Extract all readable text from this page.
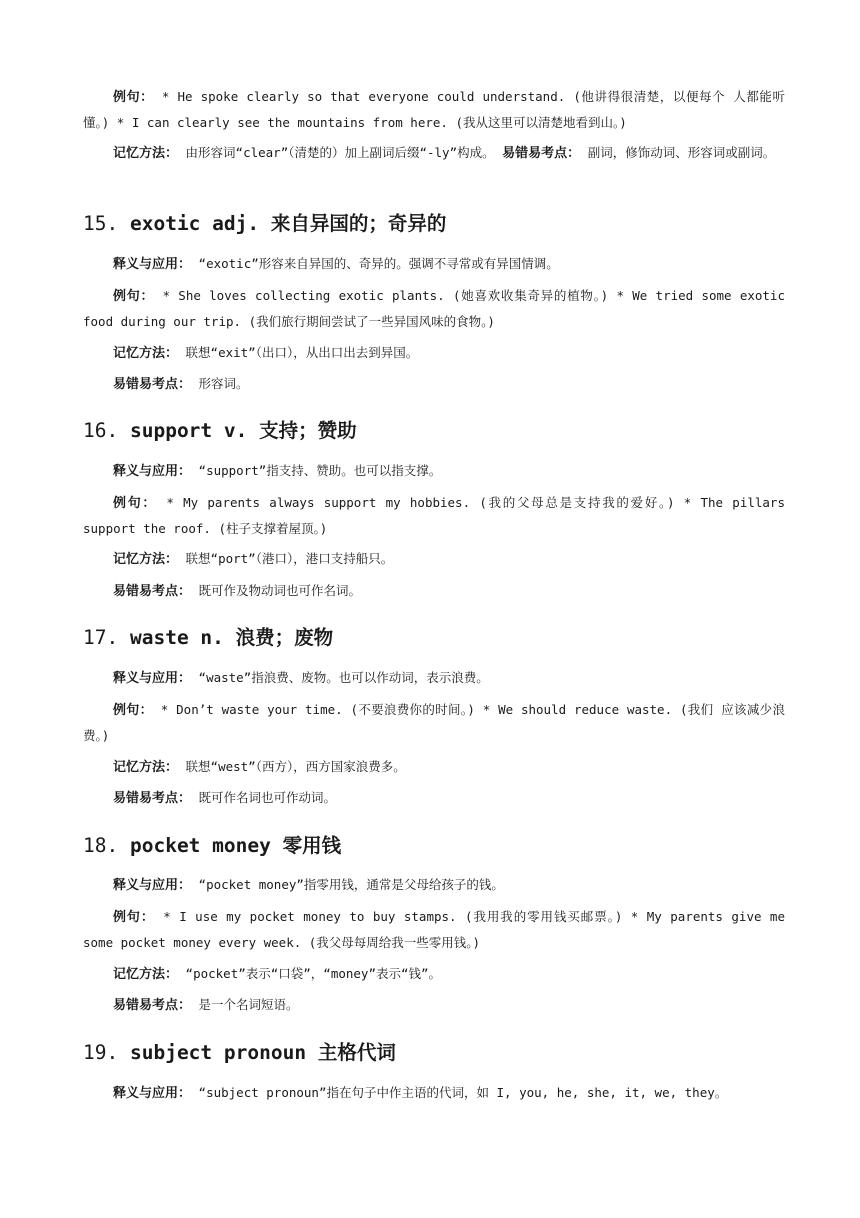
例句： * He spoke clearly so that everyone could understand. (他讲得很清楚，以便每个 人都能听懂。) * I can clearly see the mountains from here. (我从这里可以清楚地看到山。)

记忆方法： 由形容词“clear”（清楚的）加上副词后缀“-ly”构成。 易错易考点： 副词，修饰动词、形容词或副词。

15. exotic adj. 来自异国的；奇异的

释义与应用： “exotic”形容来自异国的、奇异的。强调不寻常或有异国情调。

例句： * She loves collecting exotic plants. (她喜欢收集奇异的植物。) * We tried some exotic food during our trip. (我们旅行期间尝试了一些异国风味的食物。)

记忆方法： 联想“exit”（出口），从出口出去到异国。

易错易考点： 形容词。

16. support v. 支持；赞助

释义与应用： “support”指支持、赞助。也可以指支撑。

例句： * My parents always support my hobbies. (我的父母总是支持我的爱好。) * The pillars support the roof. (柱子支撑着屋顶。)

记忆方法： 联想“port”（港口），港口支持船只。

易错易考点： 既可作及物动词也可作名词。

17. waste n. 浪费；废物

释义与应用： “waste”指浪费、废物。也可以作动词，表示浪费。

例句： * Don’t waste your time. (不要浪费你的时间。) * We should reduce waste. (我们 应该减少浪费。)

记忆方法： 联想“west”（西方），西方国家浪费多。

易错易考点： 既可作名词也可作动词。

18. pocket money 零用钱

释义与应用： “pocket money”指零用钱，通常是父母给孩子的钱。

例句： * I use my pocket money to buy stamps. (我用我的零用钱买邮票。) * My parents give me some pocket money every week. (我父母每周给我一些零用钱。)

记忆方法： “pocket”表示“口袋”，“money”表示“钱”。

易错易考点： 是一个名词短语。

19. subject pronoun 主格代词

释义与应用： “subject pronoun”指在句子中作主语的代词，如 I, you, he, she, it, we, they。
